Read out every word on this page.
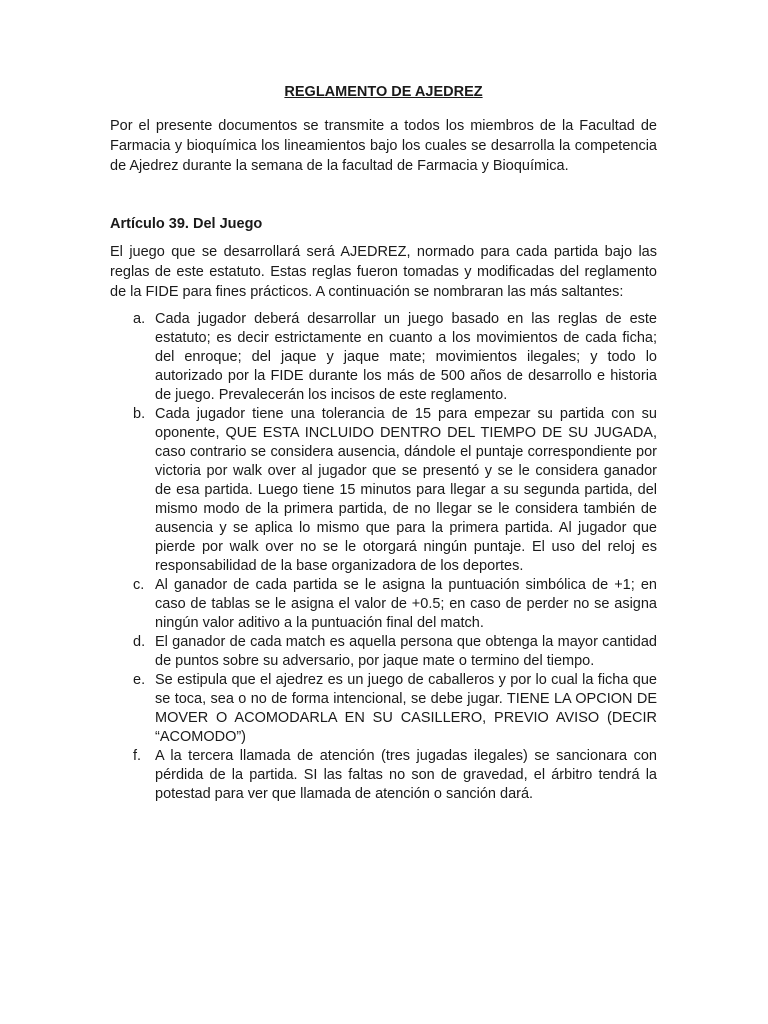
REGLAMENTO DE AJEDREZ

Por el presente documentos se transmite a todos los miembros de la Facultad de Farmacia y bioquímica los lineamientos bajo los cuales se desarrolla la competencia de Ajedrez durante la semana de la facultad de Farmacia y Bioquímica.

Artículo 39. Del Juego

El juego que se desarrollará será AJEDREZ, normado para cada partida bajo las reglas de este estatuto. Estas reglas fueron tomadas y modificadas del reglamento de la FIDE para fines prácticos. A continuación se nombraran las más saltantes:

a. Cada jugador deberá desarrollar un juego basado en las reglas de este estatuto; es decir estrictamente en cuanto a los movimientos de cada ficha; del enroque; del jaque y jaque mate; movimientos ilegales; y todo lo autorizado por la FIDE durante los más de 500 años de desarrollo e historia de juego. Prevalecerán los incisos de este reglamento.
b. Cada jugador tiene una tolerancia de 15 para empezar su partida con su oponente, QUE ESTA INCLUIDO DENTRO DEL TIEMPO DE SU JUGADA, caso contrario se considera ausencia, dándole el puntaje correspondiente por victoria por walk over al jugador que se presentó y se le considera ganador de esa partida. Luego tiene 15 minutos para llegar a su segunda partida, del mismo modo de la primera partida, de no llegar se le considera también de ausencia y se aplica lo mismo que para la primera partida. Al jugador que pierde por walk over no se le otorgará ningún puntaje. El uso del reloj es responsabilidad de la base organizadora de los deportes.
c. Al ganador de cada partida se le asigna la puntuación simbólica de +1; en caso de tablas se le asigna el valor de +0.5; en caso de perder no se asigna ningún valor aditivo a la puntuación final del match.
d. El ganador de cada match es aquella persona que obtenga la mayor cantidad de puntos sobre su adversario, por jaque mate o termino del tiempo.
e. Se estipula que el ajedrez es un juego de caballeros y por lo cual la ficha que se toca, sea o no de forma intencional, se debe jugar. TIENE LA OPCION DE MOVER O ACOMODARLA EN SU CASILLERO, PREVIO AVISO (DECIR “ACOMODO”)
f. A la tercera llamada de atención (tres jugadas ilegales) se sancionara con pérdida de la partida. SI las faltas no son de gravedad, el árbitro tendrá la potestad para ver que llamada de atención o sanción dará.
